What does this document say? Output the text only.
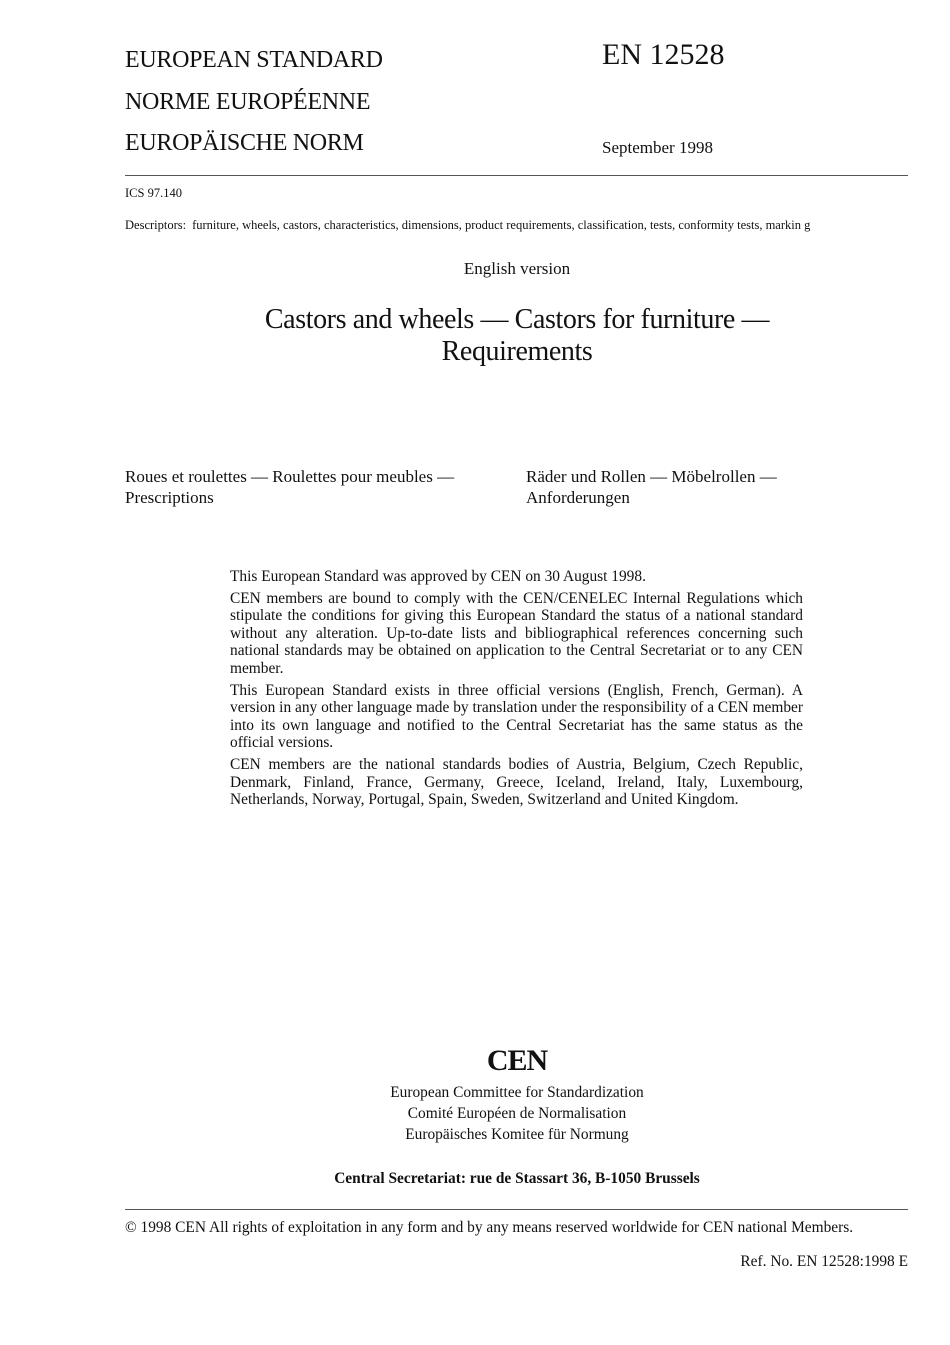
EUROPEAN STANDARD
NORME EUROPÉENNE
EUROPÄISCHE NORM
EN 12528
September 1998
ICS 97.140
Descriptors: furniture, wheels, castors, characteristics, dimensions, product requirements, classification, tests, conformity tests, markin g
English version
Castors and wheels — Castors for furniture —
Requirements
Roues et roulettes — Roulettes pour meubles —
Prescriptions
Räder und Rollen — Möbelrollen —
Anforderungen

This European Standard was approved by CEN on 30 August 1998.

CEN members are bound to comply with the CEN/CENELEC Internal Regulations which stipulate the conditions for giving this European Standard the status of a national standard without any alteration. Up-to-date lists and bibliographical references concerning such national standards may be obtained on application to the Central Secretariat or to any CEN member.

This European Standard exists in three official versions (English, French, German). A version in any other language made by translation under the responsibility of a CEN member into its own language and notified to the Central Secretariat has the same status as the official versions.

CEN members are the national standards bodies of Austria, Belgium, Czech Republic, Denmark, Finland, France, Germany, Greece, Iceland, Ireland, Italy, Luxembourg, Netherlands, Norway, Portugal, Spain, Sweden, Switzerland and United Kingdom.

CEN
European Committee for Standardization
Comité Européen de Normalisation
Europäisches Komitee für Normung
Central Secretariat: rue de Stassart 36, B-1050 Brussels
© 1998 CEN All rights of exploitation in any form and by any means reserved worldwide for CEN national Members.
Ref. No. EN 12528:1998 E
